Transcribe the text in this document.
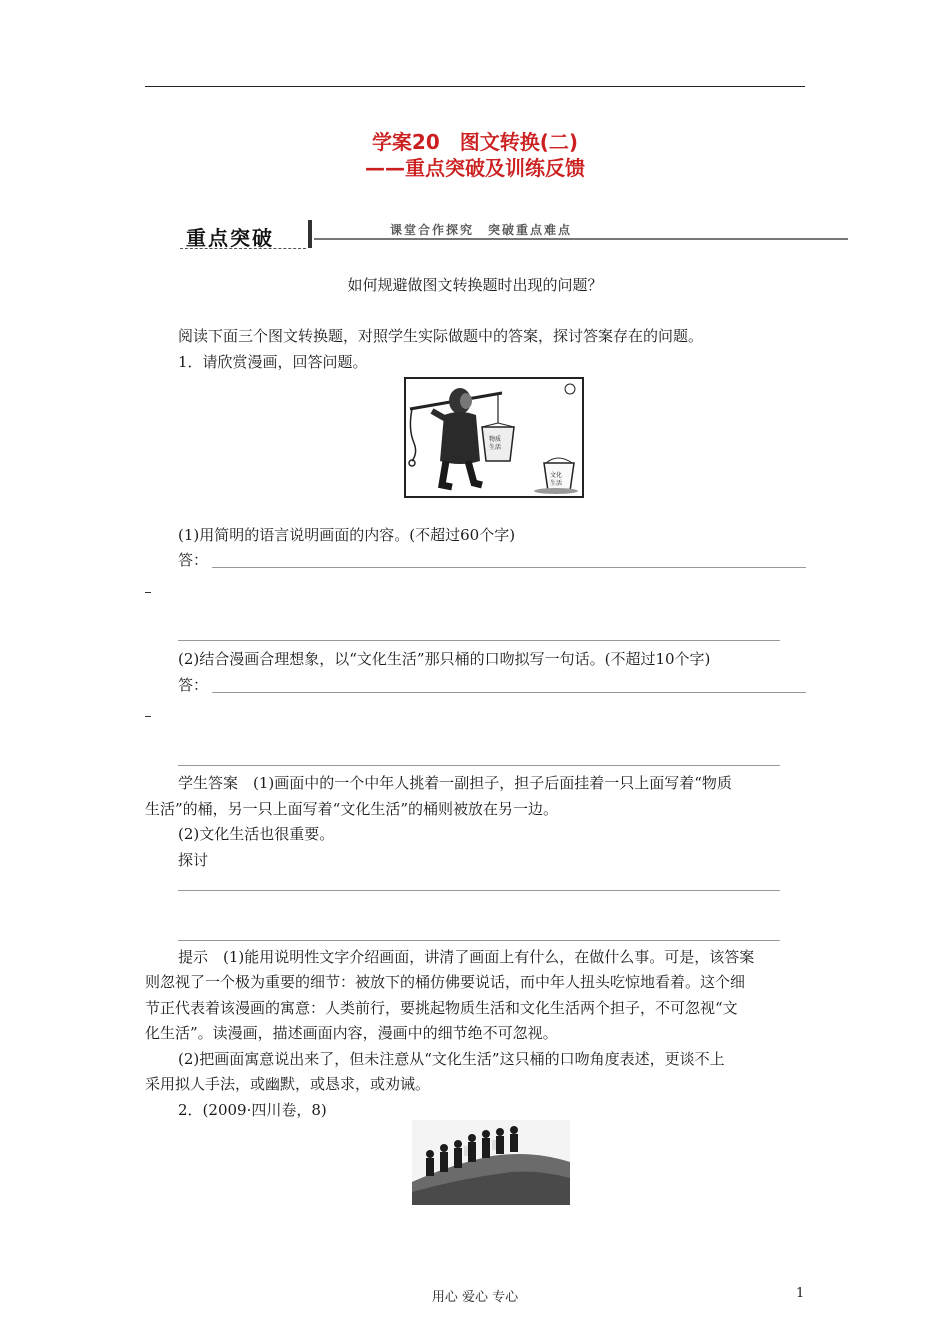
学案20　图文转换(二)
——重点突破及训练反馈
重点突破	课堂合作探究　突破重点难点
如何规避做图文转换题时出现的问题？
阅读下面三个图文转换题，对照学生实际做题中的答案，探讨答案存在的问题。
1．请欣赏漫画，回答问题。
物质
生活
文化
生活
(1)用简明的语言说明画面的内容。(不超过60个字)
答：
(2)结合漫画合理想象，以“文化生活”那只桶的口吻拟写一句话。(不超过10个字)
答：
学生答案　(1)画面中的一个中年人挑着一副担子，担子后面挂着一只上面写着“物质
生活”的桶，另一只上面写着“文化生活”的桶则被放在另一边。
(2)文化生活也很重要。
探讨
提示　(1)能用说明性文字介绍画面，讲清了画面上有什么，在做什么事。可是，该答案
则忽视了一个极为重要的细节：被放下的桶仿佛要说话，而中年人扭头吃惊地看着。这个细
节正代表着该漫画的寓意：人类前行，要挑起物质生活和文化生活两个担子，不可忽视“文
化生活”。读漫画，描述画面内容，漫画中的细节绝不可忽视。
(2)把画面寓意说出来了，但未注意从“文化生活”这只桶的口吻角度表述，更谈不上
采用拟人手法，或幽默，或恳求，或劝诫。
2．(2009·四川卷，8)
用心 爱心 专心	1
